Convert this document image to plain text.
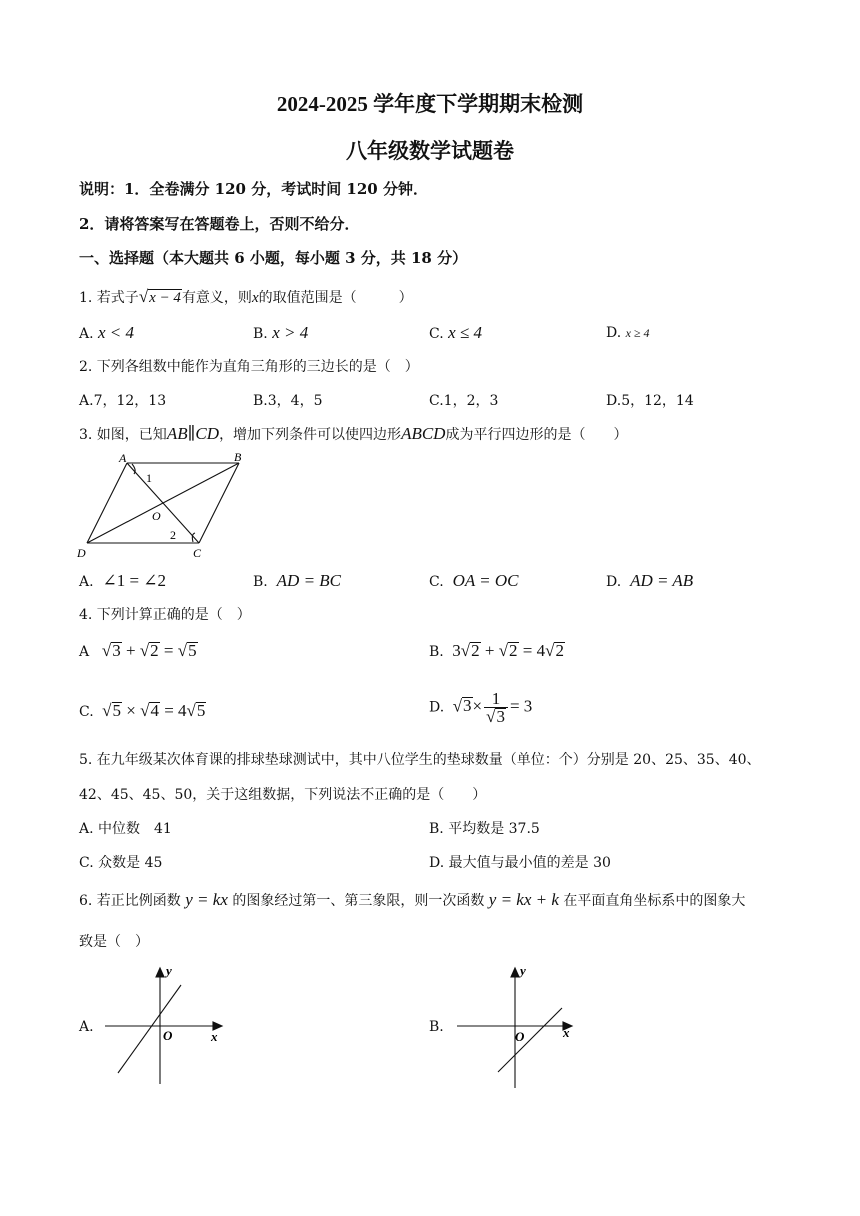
2024-2025 学年度下学期期末检测
八年级数学试题卷
说明：1．全卷满分 120 分，考试时间 120 分钟．
2．请将答案写在答题卷上，否则不给分．
一、选择题（本大题共 6 小题，每小题 3 分，共 18 分）
1. 若式子√x − 4有意义，则x的取值范围是（　　　）
A. x < 4	B. x > 4	C. x ≤ 4	D. x ≥ 4
2. 下列各组数中能作为直角三角形的三边长的是（　）
A.7，12，13	B.3，4，5	C.1，2，3	D.5，12，14
3. 如图，已知AB∥CD，增加下列条件可以使四边形ABCD成为平行四边形的是（　　）
A	B
C
D
O
1
2
A. ∠1 = ∠2	B. AD = BC	C. OA = OC	D. AD = AB
4. 下列计算正确的是（　）
A   √3 + √2 = √5	B. 3√2 + √2 = 4√2
C.  √5 × √4 = 4√5	D.  $√3\times \frac{1}{√3} = 3$
5. 在九年级某次体育课的排球垫球测试中，其中八位学生的垫球数量（单位：个）分别是 20、25、35、40、
42、45、45、50，关于这组数据，下列说法不正确的是（　　）
A. 中位数　41	B. 平均数是 37.5
C. 众数是 45	D. 最大值与最小值的差是 30
6. 若正比例函数 y = kx 的图象经过第一、第三象限，则一次函数 y = kx + k 在平面直角坐标系中的图象大
致是（　）
A.
y
O	x
B.
y
O	x
